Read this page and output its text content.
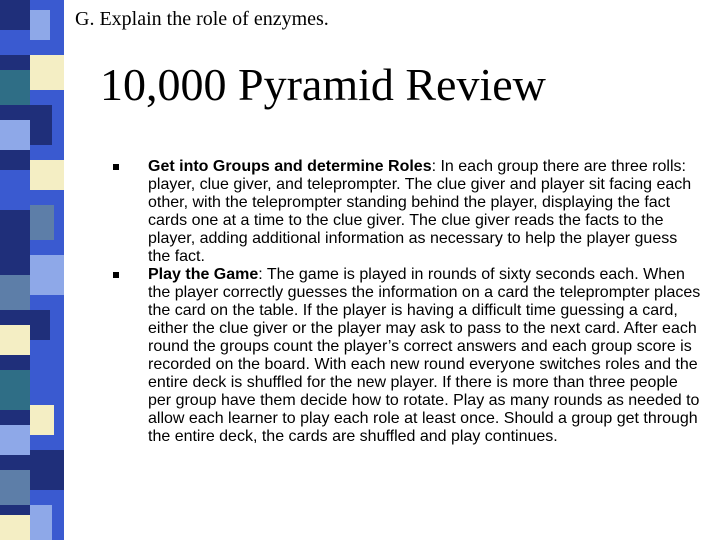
G. Explain the role of enzymes.
10,000 Pyramid Review
Get into Groups and determine Roles: In each group there are three rolls: player, clue giver, and teleprompter. The clue giver and player sit facing each other, with the teleprompter standing behind the player, displaying the fact cards one at a time to the clue giver. The clue giver reads the facts to the player, adding additional information as necessary to help the player guess the fact.
Play the Game: The game is played in rounds of sixty seconds each. When the player correctly guesses the information on a card the teleprompter places the card on the table. If the player is having a difficult time guessing a card, either the clue giver or the player may ask to pass to the next card. After each round the groups count the player’s correct answers and each group score is recorded on the board. With each new round everyone switches roles and the entire deck is shuffled for the new player. If there is more than three people per group have them decide how to rotate. Play as many rounds as needed to allow each learner to play each role at least once. Should a group get through the entire deck, the cards are shuffled and play continues.
